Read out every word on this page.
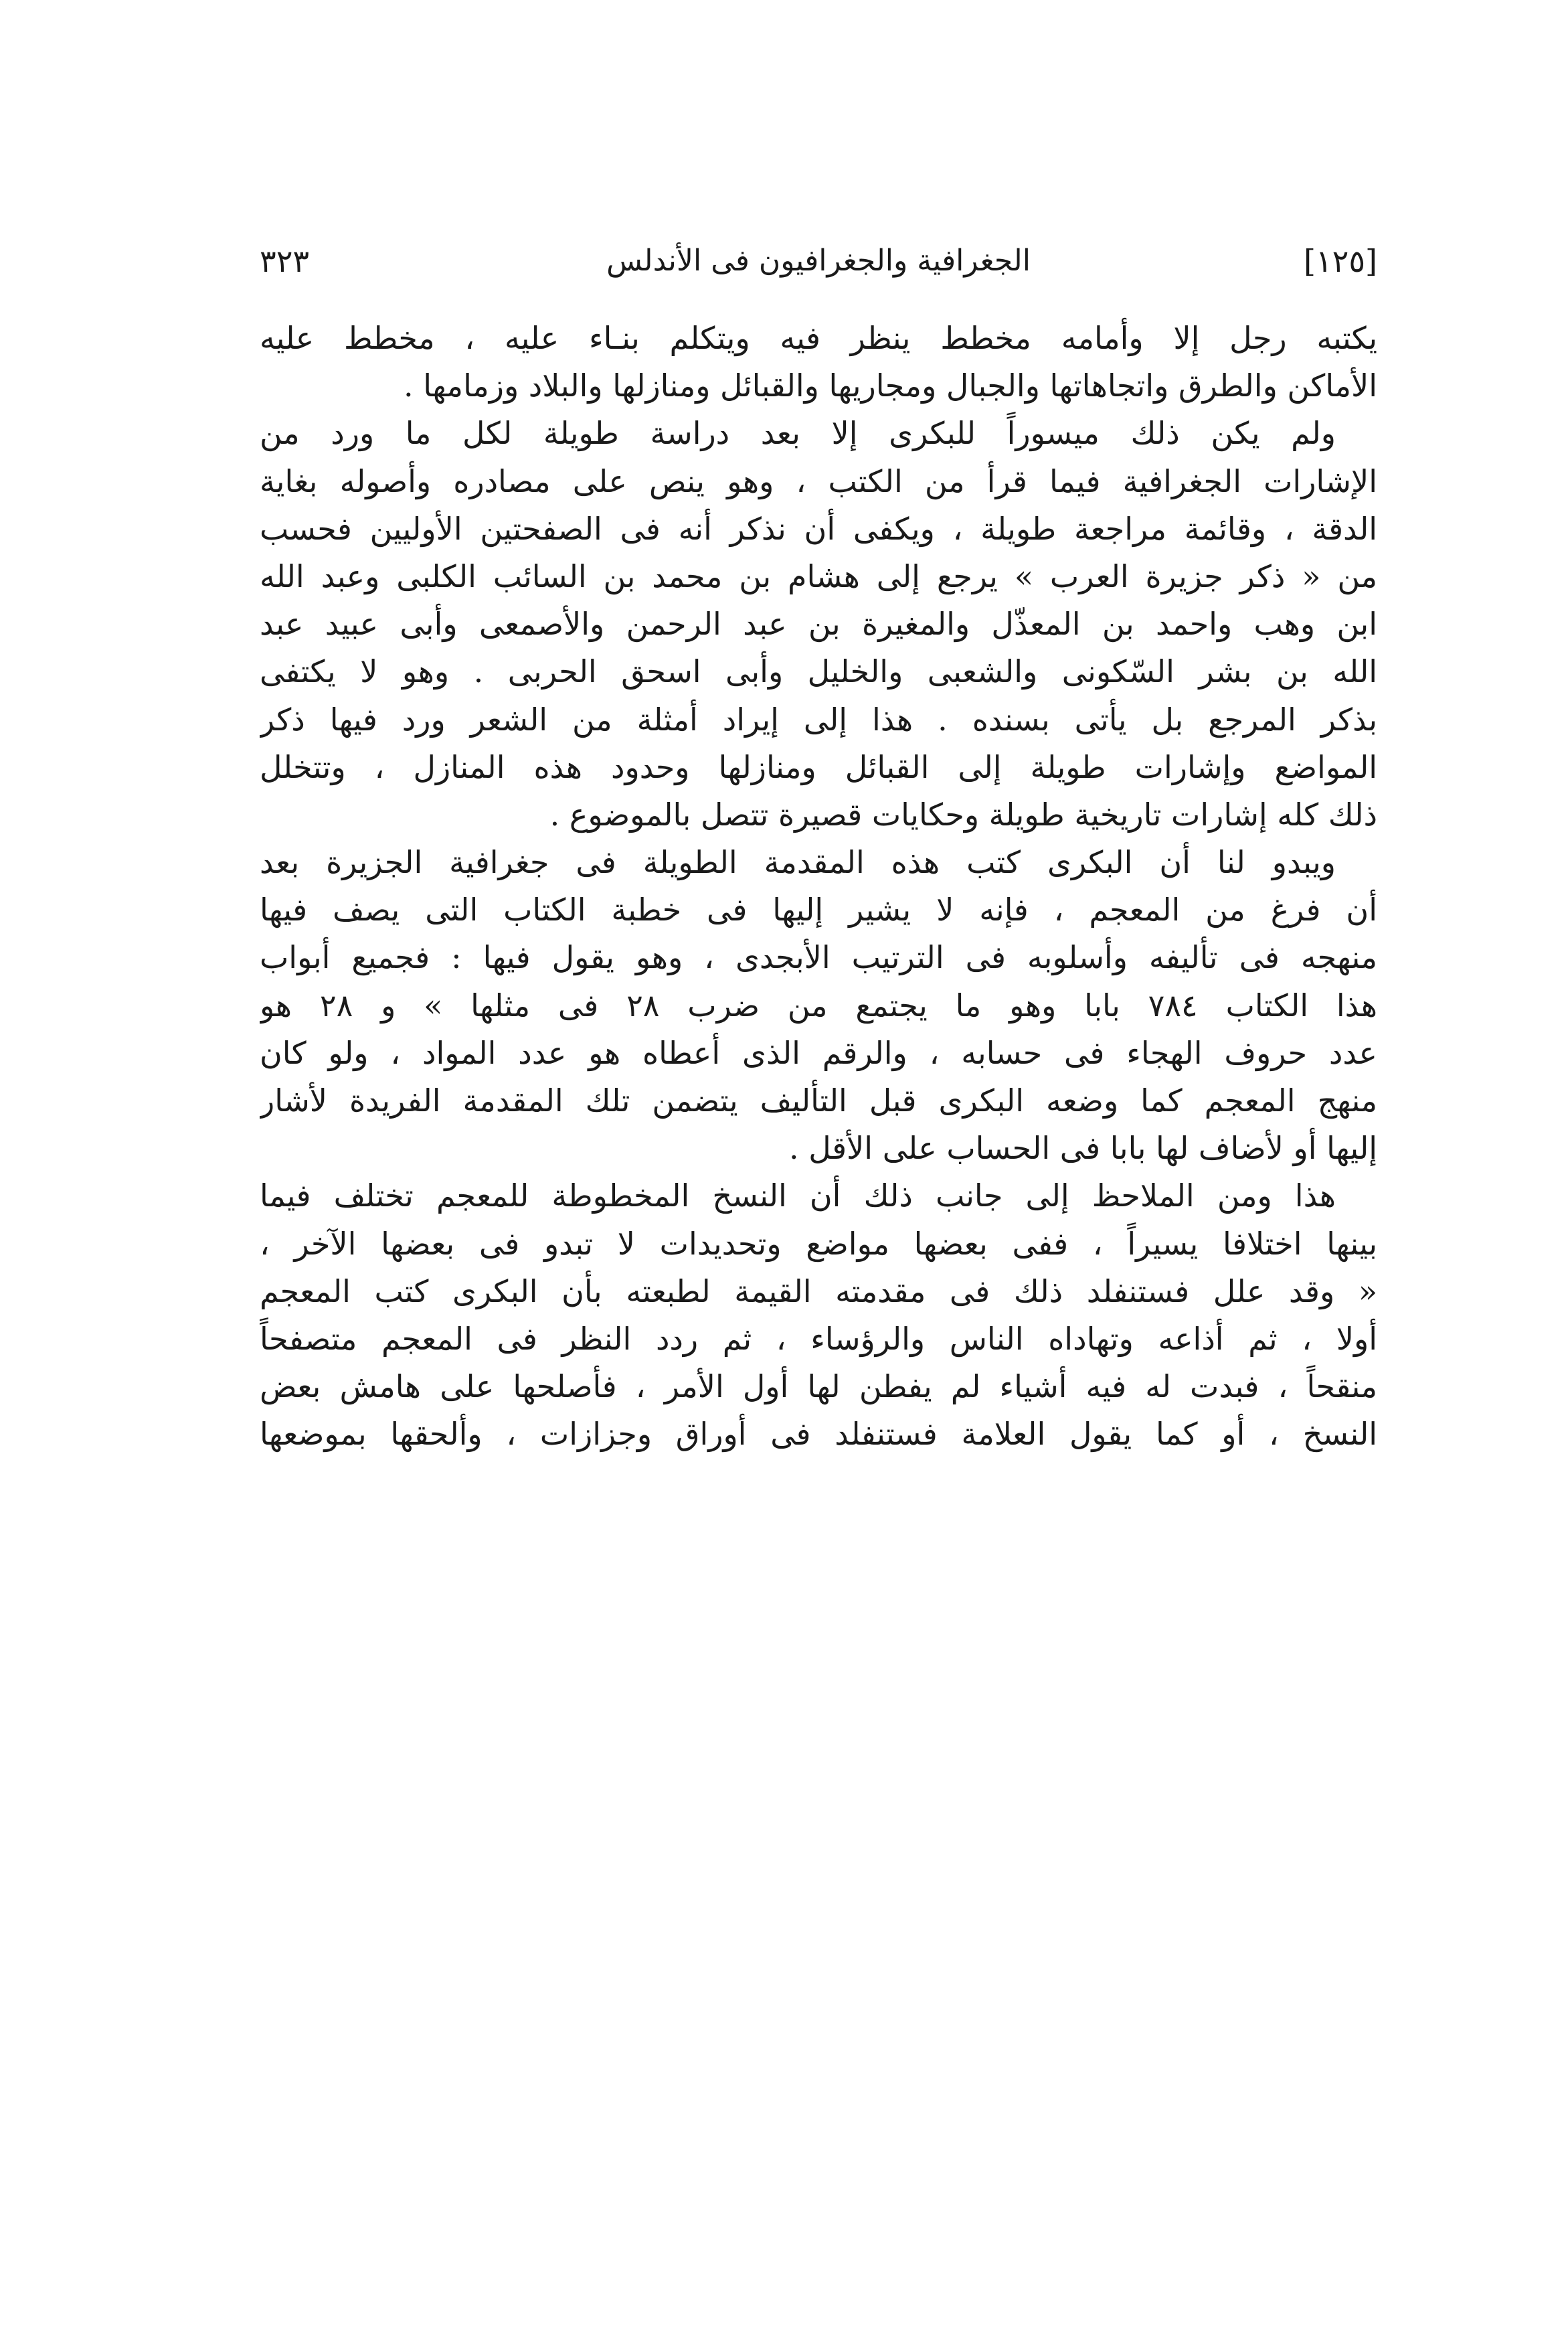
٣٢٣	الجغرافية والجغرافيون فى الأندلس	[١٢٥]
يكتبه رجل إلا وأمامه مخطط ينظر فيه ويتكلم بنـاء عليه ، مخطط عليه
الأماكن والطرق واتجاهاتها والجبال ومجاريها والقبائل ومنازلها والبلاد وزمامها .
ولم يكن ذلك ميسوراً للبكرى إلا بعد دراسة طويلة لكل ما ورد من
الإشارات الجغرافية فيما قرأ من الكتب ، وهو ينص على مصادره وأصوله بغاية
الدقة ، وقائمة مراجعة طويلة ، ويكفى أن نذكر أنه فى الصفحتين الأوليين فحسب
من « ذكر جزيرة العرب » يرجع إلى هشام بن محمد بن السائب الكلبى وعبد الله
ابن وهب واحمد بن المعذّل والمغيرة بن عبد الرحمن والأصمعى وأبى عبيد عبد
الله بن بشر السّكونى والشعبى والخليل وأبى اسحق الحربى . وهو لا يكتفى
بذكر المرجع بل يأتى بسنده . هذا إلى إيراد أمثلة من الشعر ورد فيها ذكر
المواضع وإشارات طويلة إلى القبائل ومنازلها وحدود هذه المنازل ، وتتخلل
ذلك كله إشارات تاريخية طويلة وحكايات قصيرة تتصل بالموضوع .
ويبدو لنا أن البكرى كتب هذه المقدمة الطويلة فى جغرافية الجزيرة بعد
أن فرغ من المعجم ، فإنه لا يشير إليها فى خطبة الكتاب التى يصف فيها
منهجه فى تأليفه وأسلوبه فى الترتيب الأبجدى ، وهو يقول فيها : فجميع أبواب
هذا الكتاب ٧٨٤ بابا وهو ما يجتمع من ضرب ٢٨ فى مثلها » و ٢٨ هو
عدد حروف الهجاء فى حسابه ، والرقم الذى أعطاه هو عدد المواد ، ولو كان
منهج المعجم كما وضعه البكرى قبل التأليف يتضمن تلك المقدمة الفريدة لأشار
إليها أو لأضاف لها بابا فى الحساب على الأقل .
هذا ومن الملاحظ إلى جانب ذلك أن النسخ المخطوطة للمعجم تختلف فيما
بينها اختلافا يسيراً ، ففى بعضها مواضع وتحديدات لا تبدو فى بعضها الآخر ،
« وقد علل فستنفلد ذلك فى مقدمته القيمة لطبعته بأن البكرى كتب المعجم
أولا ، ثم أذاعه وتهاداه الناس والرؤساء ، ثم ردد النظر فى المعجم متصفحاً
منقحاً ، فبدت له فيه أشياء لم يفطن لها أول الأمر ، فأصلحها على هامش بعض
النسخ ، أو كما يقول العلامة فستنفلد فى أوراق وجزازات ، وألحقها بموضعها
